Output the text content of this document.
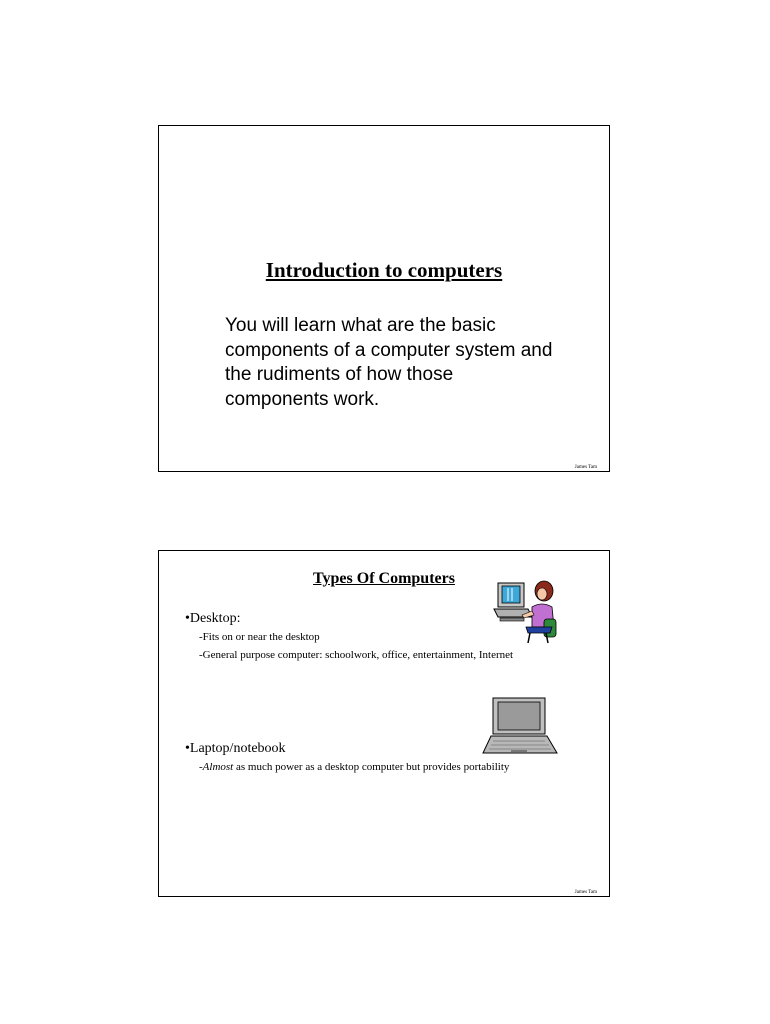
Introduction to computers
You will learn what are the basic components of a computer system and the rudiments of how those components work.
James Tam
Types Of Computers
•Desktop:
-Fits on or near the desktop
-General purpose computer: schoolwork, office, entertainment, Internet
•Laptop/notebook
-Almost as much power as a desktop computer but provides portability
James Tam
